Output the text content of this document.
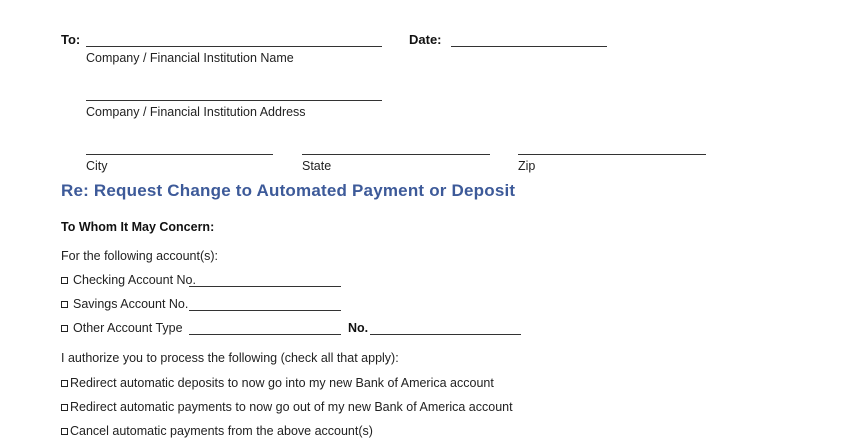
To:	Date:
Company / Financial Institution Name
Company / Financial Institution Address
City	State	Zip
Re: Request Change to Automated Payment or Deposit
To Whom It May Concern:
For the following account(s):
Checking Account No.
Savings Account No.
Other Account Type	No.
I authorize you to process the following (check all that apply):
Redirect automatic deposits to now go into my new Bank of America account
Redirect automatic payments to now go out of my new Bank of America account
Cancel automatic payments from the above account(s)
